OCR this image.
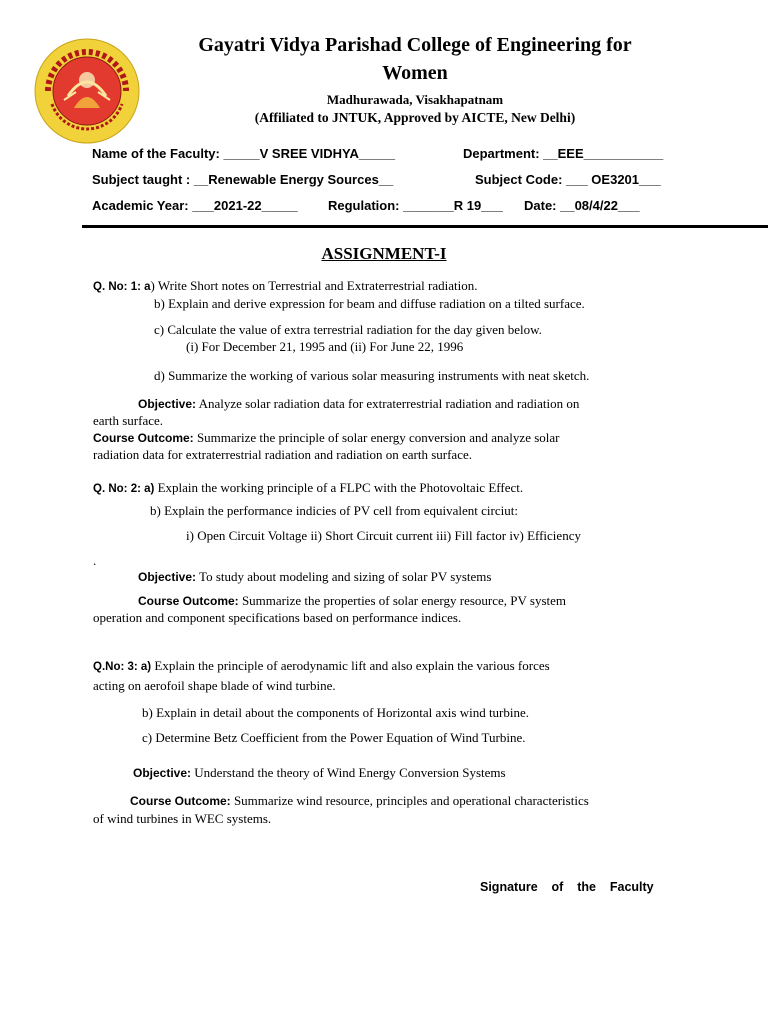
Gayatri Vidya Parishad College of Engineering for
Women
Madhurawada, Visakhapatnam
(Affiliated to JNTUK, Approved by AICTE, New Delhi)
Name of the Faculty: _____V SREE VIDHYA_____	Department: __EEE___________
Subject taught : __Renewable Energy Sources__	Subject Code: ___ OE3201___
Academic Year: ___2021-22_____ Regulation: _______R 19___ Date: __08/4/22___
ASSIGNMENT-I
Q. No: 1: a) Write Short notes on Terrestrial and Extraterrestrial radiation.
b) Explain and derive expression for beam and diffuse radiation on a tilted surface.
c) Calculate the value of extra terrestrial radiation for the day given below.
(i) For December 21, 1995 and (ii) For June 22, 1996
d) Summarize the working of various solar measuring instruments with neat sketch.
Objective: Analyze solar radiation data for extraterrestrial radiation and radiation on
earth surface.
Course Outcome: Summarize the principle of solar energy conversion and analyze solar
radiation data for extraterrestrial radiation and radiation on earth surface.
Q. No: 2: a) Explain the working principle of a FLPC with the Photovoltaic Effect.
b) Explain the performance indicies of PV cell from equivalent circiut:
i) Open Circuit Voltage ii) Short Circuit current iii) Fill factor iv) Efficiency
.
Objective: To study about modeling and sizing of solar PV systems
Course Outcome: Summarize the properties of solar energy resource, PV system
operation and component specifications based on performance indices.
Q.No: 3: a) Explain the principle of aerodynamic lift and also explain the various forces
acting on aerofoil shape blade of wind turbine.
b) Explain in detail about the components of Horizontal axis wind turbine.
c) Determine Betz Coefficient from the Power Equation of Wind Turbine.
Objective: Understand the theory of Wind Energy Conversion Systems
Course Outcome: Summarize wind resource, principles and operational characteristics
of wind turbines in WEC systems.
Signature    of    the    Faculty
